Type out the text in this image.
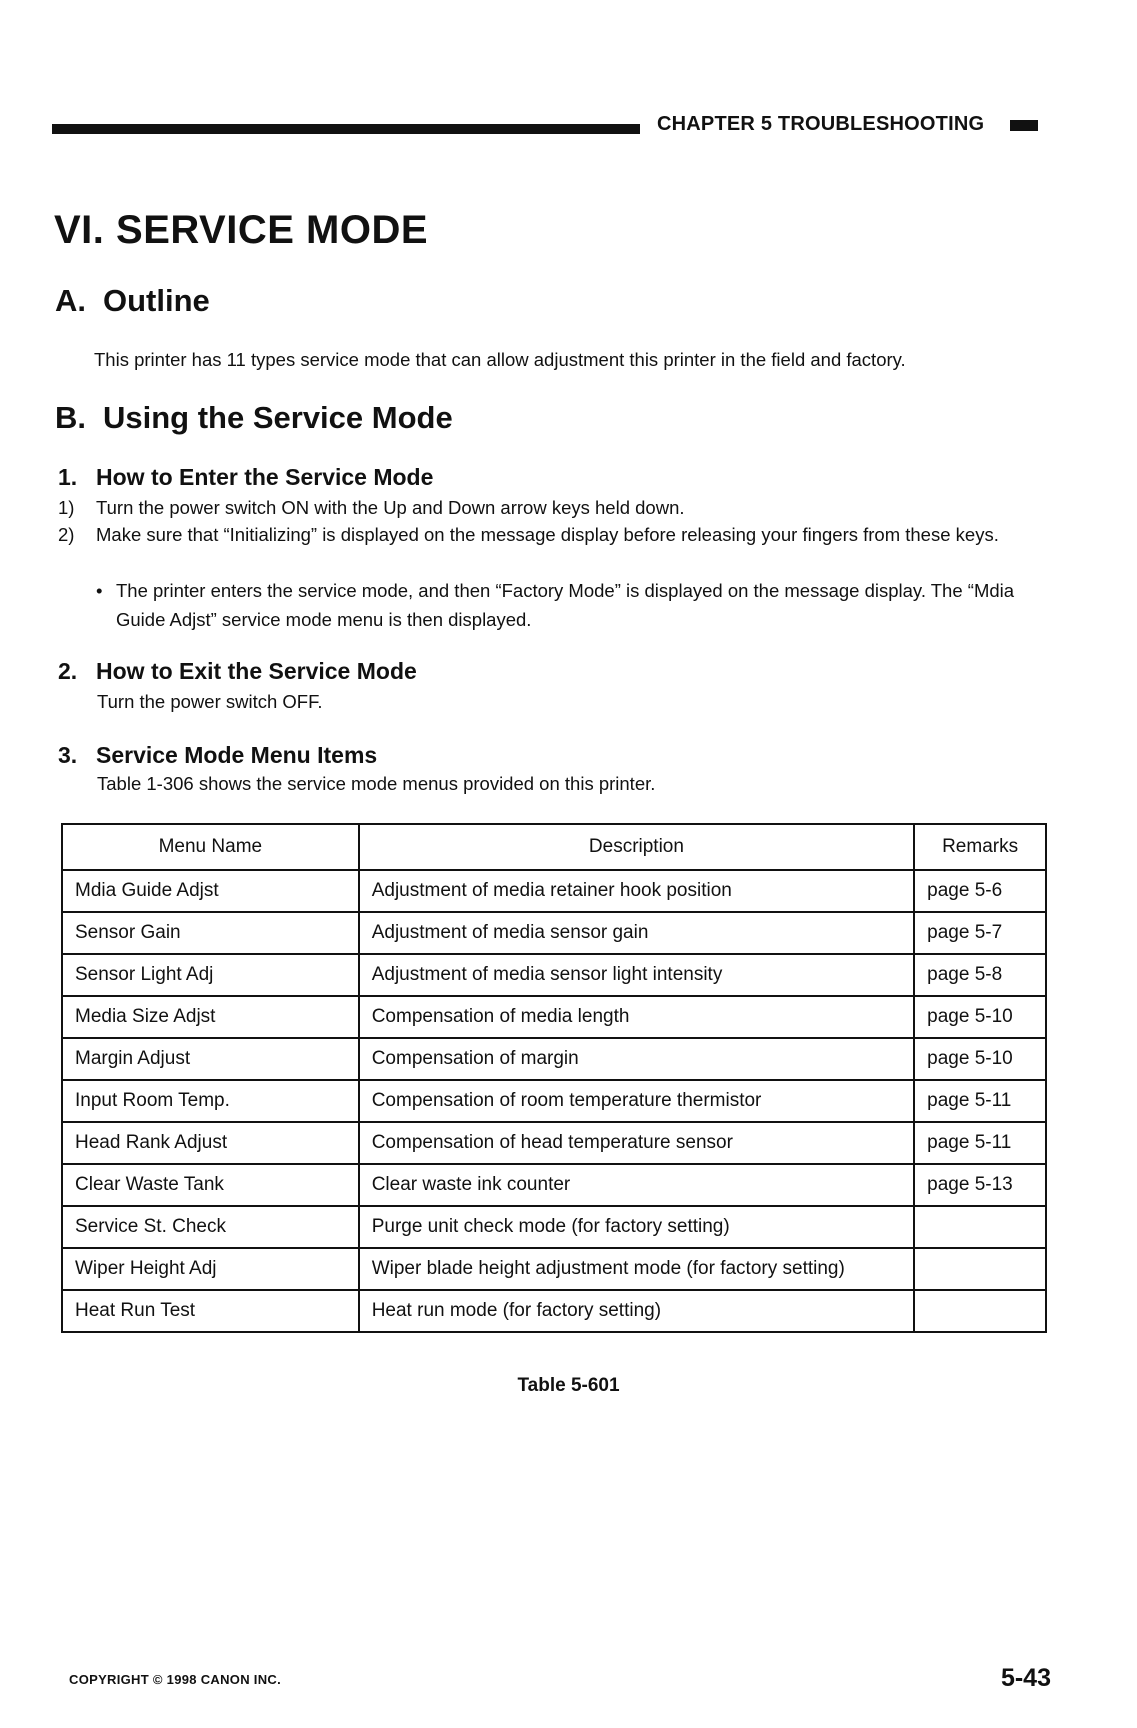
CHAPTER 5 TROUBLESHOOTING
VI. SERVICE MODE
A. Outline
This printer has 11 types service mode that can allow adjustment this printer in the field and factory.
B. Using the Service Mode
1. How to Enter the Service Mode
1) Turn the power switch ON with the Up and Down arrow keys held down.
2) Make sure that “Initializing” is displayed on the message display before releasing your fingers from these keys.
• The printer enters the service mode, and then “Factory Mode” is displayed on the message display. The “Mdia Guide Adjst” service mode menu is then displayed.
2. How to Exit the Service Mode
Turn the power switch OFF.
3. Service Mode Menu Items
Table 1-306 shows the service mode menus provided on this printer.
Menu Name	Description	Remarks
Mdia Guide Adjst	Adjustment of media retainer hook position	page 5-6
Sensor Gain	Adjustment of media sensor gain	page 5-7
Sensor Light Adj	Adjustment of media sensor light intensity	page 5-8
Media Size Adjst	Compensation of media length	page 5-10
Margin Adjust	Compensation of margin	page 5-10
Input Room Temp.	Compensation of room temperature thermistor	page 5-11
Head Rank Adjust	Compensation of head temperature sensor	page 5-11
Clear Waste Tank	Clear waste ink counter	page 5-13
Service St. Check	Purge unit check mode (for factory setting)	
Wiper Height Adj	Wiper blade height adjustment mode (for factory setting)	
Heat Run Test	Heat run mode (for factory setting)	
Table 5-601
COPYRIGHT © 1998 CANON INC.	5-43
